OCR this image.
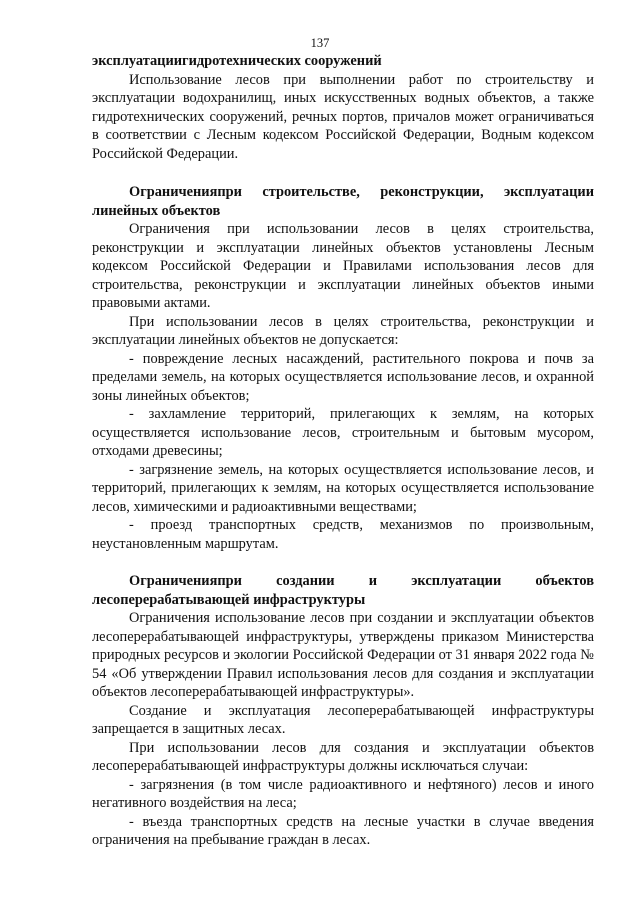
137
эксплуатациигидротехнических сооружений

Использование лесов при выполнении работ по строительству и эксплуатации водохранилищ, иных искусственных водных объектов, а также гидротехнических сооружений, речных портов, причалов может ограничиваться в соответствии с Лесным кодексом Российской Федерации, Водным кодексом Российской Федерации.

Ограниченияпри строительстве, реконструкции, эксплуатации линейных объектов

Ограничения при использовании лесов в целях строительства, реконструкции и эксплуатации линейных объектов установлены Лесным кодексом Российской Федерации и Правилами использования лесов для строительства, реконструкции и эксплуатации линейных объектов иными правовыми актами.

При использовании лесов в целях строительства, реконструкции и эксплуатации линейных объектов не допускается:

- повреждение лесных насаждений, растительного покрова и почв за пределами земель, на которых осуществляется использование лесов, и охранной зоны линейных объектов;

- захламление территорий, прилегающих к землям, на которых осуществляется использование лесов, строительным и бытовым мусором, отходами древесины;

- загрязнение земель, на которых осуществляется использование лесов, и территорий, прилегающих к землям, на которых осуществляется использование лесов, химическими и радиоактивными веществами;

- проезд транспортных средств, механизмов по произвольным, неустановленным маршрутам.

Ограниченияпри создании и эксплуатации объектов лесоперерабатывающей инфраструктуры

Ограничения использование лесов при создании и эксплуатации объектов лесоперерабатывающей инфраструктуры, утверждены приказом Министерства природных ресурсов и экологии Российской Федерации от 31 января 2022 года № 54 «Об утверждении Правил использования лесов для создания и эксплуатации объектов лесоперерабатывающей инфраструктуры».

Создание и эксплуатация лесоперерабатывающей инфраструктуры запрещается в защитных лесах.

При использовании лесов для создания и эксплуатации объектов лесоперерабатывающей инфраструктуры должны исключаться случаи:

- загрязнения (в том числе радиоактивного и нефтяного) лесов и иного негативного воздействия на леса;

- въезда транспортных средств на лесные участки в случае введения ограничения на пребывание граждан в лесах.
